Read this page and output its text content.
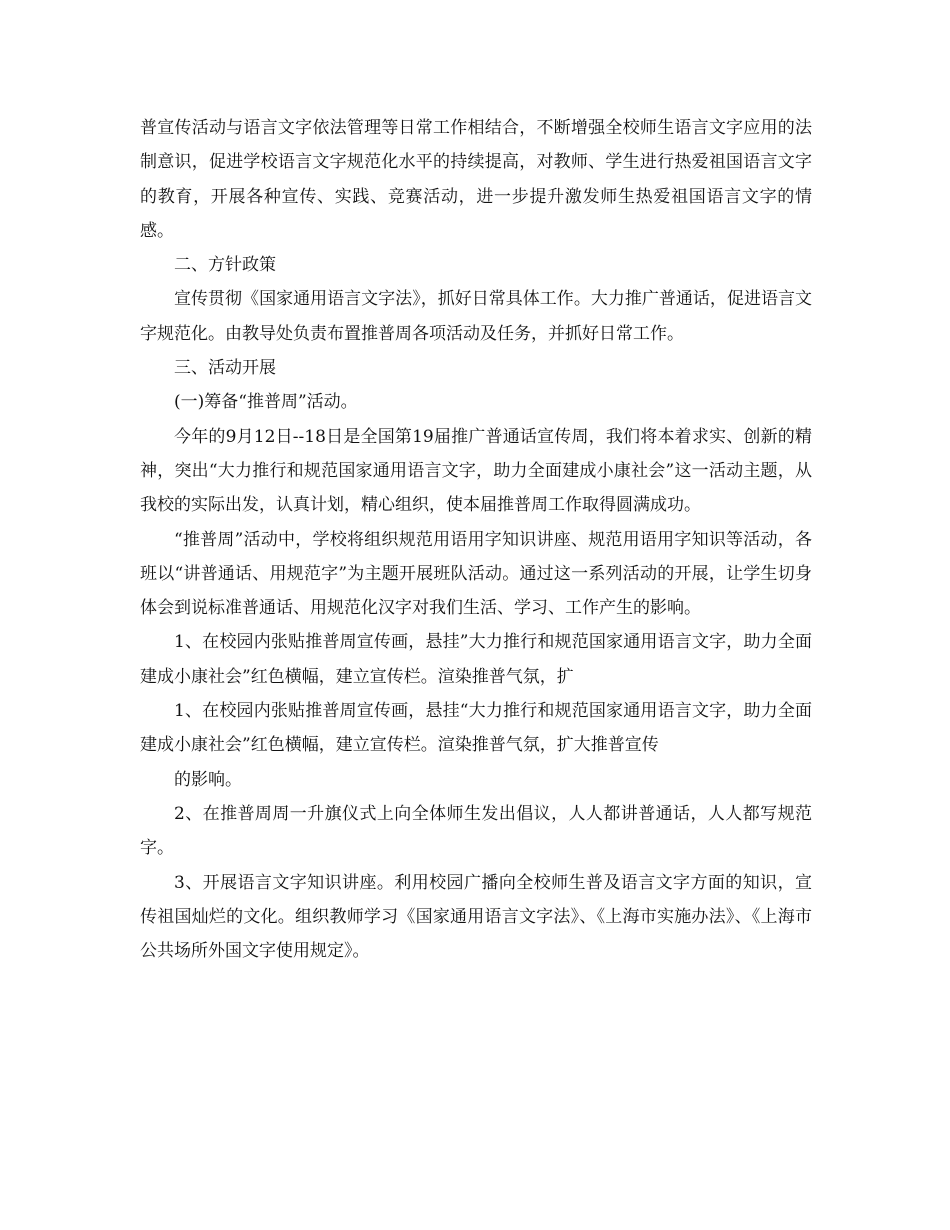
普宣传活动与语言文字依法管理等日常工作相结合，不断增强全校师生语言文字应用的法制意识，促进学校语言文字规范化水平的持续提高，对教师、学生进行热爱祖国语言文字的教育，开展各种宣传、实践、竞赛活动，进一步提升激发师生热爱祖国语言文字的情感。

二、方针政策

宣传贯彻《国家通用语言文字法》，抓好日常具体工作。大力推广普通话，促进语言文字规范化。由教导处负责布置推普周各项活动及任务，并抓好日常工作。

三、活动开展

(一)筹备“推普周”活动。

今年的9月12日--18日是全国第19届推广普通话宣传周，我们将本着求实、创新的精神，突出“大力推行和规范国家通用语言文字，助力全面建成小康社会”这一活动主题，从我校的实际出发，认真计划，精心组织，使本届推普周工作取得圆满成功。

“推普周”活动中，学校将组织规范用语用字知识讲座、规范用语用字知识等活动，各班以“讲普通话、用规范字”为主题开展班队活动。通过这一系列活动的开展，让学生切身体会到说标准普通话、用规范化汉字对我们生活、学习、工作产生的影响。

1、在校园内张贴推普周宣传画，悬挂”大力推行和规范国家通用语言文字，助力全面建成小康社会”红色横幅，建立宣传栏。渲染推普气氛，扩

1、在校园内张贴推普周宣传画，悬挂“大力推行和规范国家通用语言文字，助力全面建成小康社会”红色横幅，建立宣传栏。渲染推普气氛，扩大推普宣传

的影响。

2、在推普周周一升旗仪式上向全体师生发出倡议，人人都讲普通话，人人都写规范字。

3、开展语言文字知识讲座。利用校园广播向全校师生普及语言文字方面的知识，宣传祖国灿烂的文化。组织教师学习《国家通用语言文字法》、《上海市实施办法》、《上海市公共场所外国文字使用规定》。
